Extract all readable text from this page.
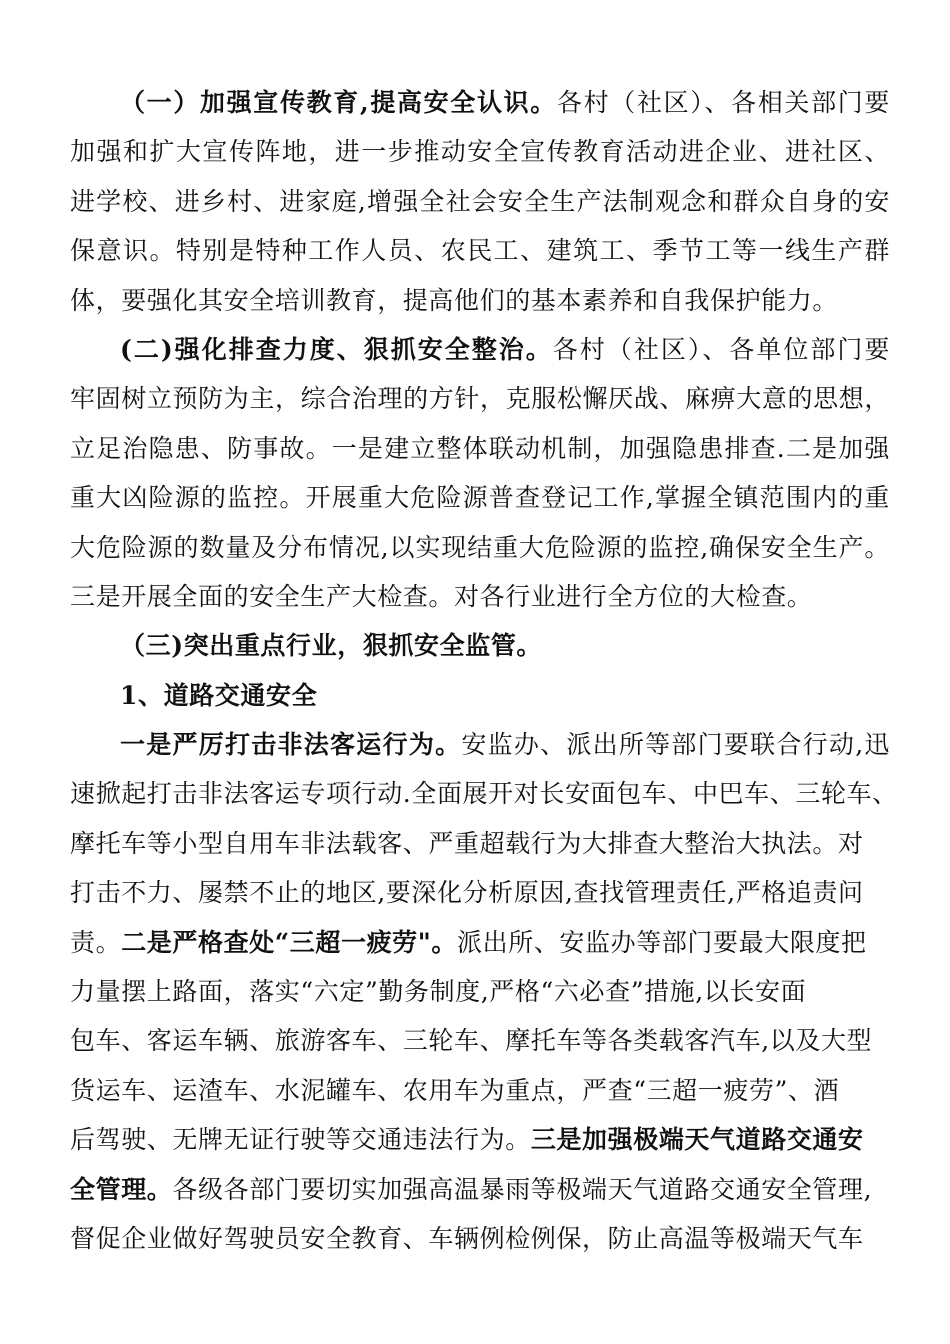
（一）加强宣传教育,提高安全认识。各村（社区）、各相关部门要
加强和扩大宣传阵地，进一步推动安全宣传教育活动进企业、进社区、
进学校、进乡村、进家庭,增强全社会安全生产法制观念和群众自身的安
保意识。特别是特种工作人员、农民工、建筑工、季节工等一线生产群
体，要强化其安全培训教育，提高他们的基本素养和自我保护能力。
(二)强化排查力度、狠抓安全整治。各村（社区）、各单位部门要
牢固树立预防为主，综合治理的方针，克服松懈厌战、麻痹大意的思想，
立足治隐患、防事故。一是建立整体联动机制，加强隐患排查.二是加强
重大凶险源的监控。开展重大危险源普查登记工作,掌握全镇范围内的重
大危险源的数量及分布情况,以实现结重大危险源的监控,确保安全生产。
三是开展全面的安全生产大检查。对各行业进行全方位的大检查。
（三)突出重点行业，狠抓安全监管。
1、道路交通安全
一是严厉打击非法客运行为。安监办、派出所等部门要联合行动,迅
速掀起打击非法客运专项行动.全面展开对长安面包车、中巴车、三轮车、
摩托车等小型自用车非法载客、严重超载行为大排查大整治大执法。对
打击不力、屡禁不止的地区,要深化分析原因,查找管理责任,严格追责问
责。二是严格查处“三超一疲劳"。派出所、安监办等部门要最大限度把
力量摆上路面，落实“六定”勤务制度,严格“六必查”措施,以长安面
包车、客运车辆、旅游客车、三轮车、摩托车等各类载客汽车,以及大型
货运车、运渣车、水泥罐车、农用车为重点，严查“三超一疲劳”、酒
后驾驶、无牌无证行驶等交通违法行为。三是加强极端天气道路交通安
全管理。各级各部门要切实加强高温暴雨等极端天气道路交通安全管理,
督促企业做好驾驶员安全教育、车辆例检例保，防止高温等极端天气车
